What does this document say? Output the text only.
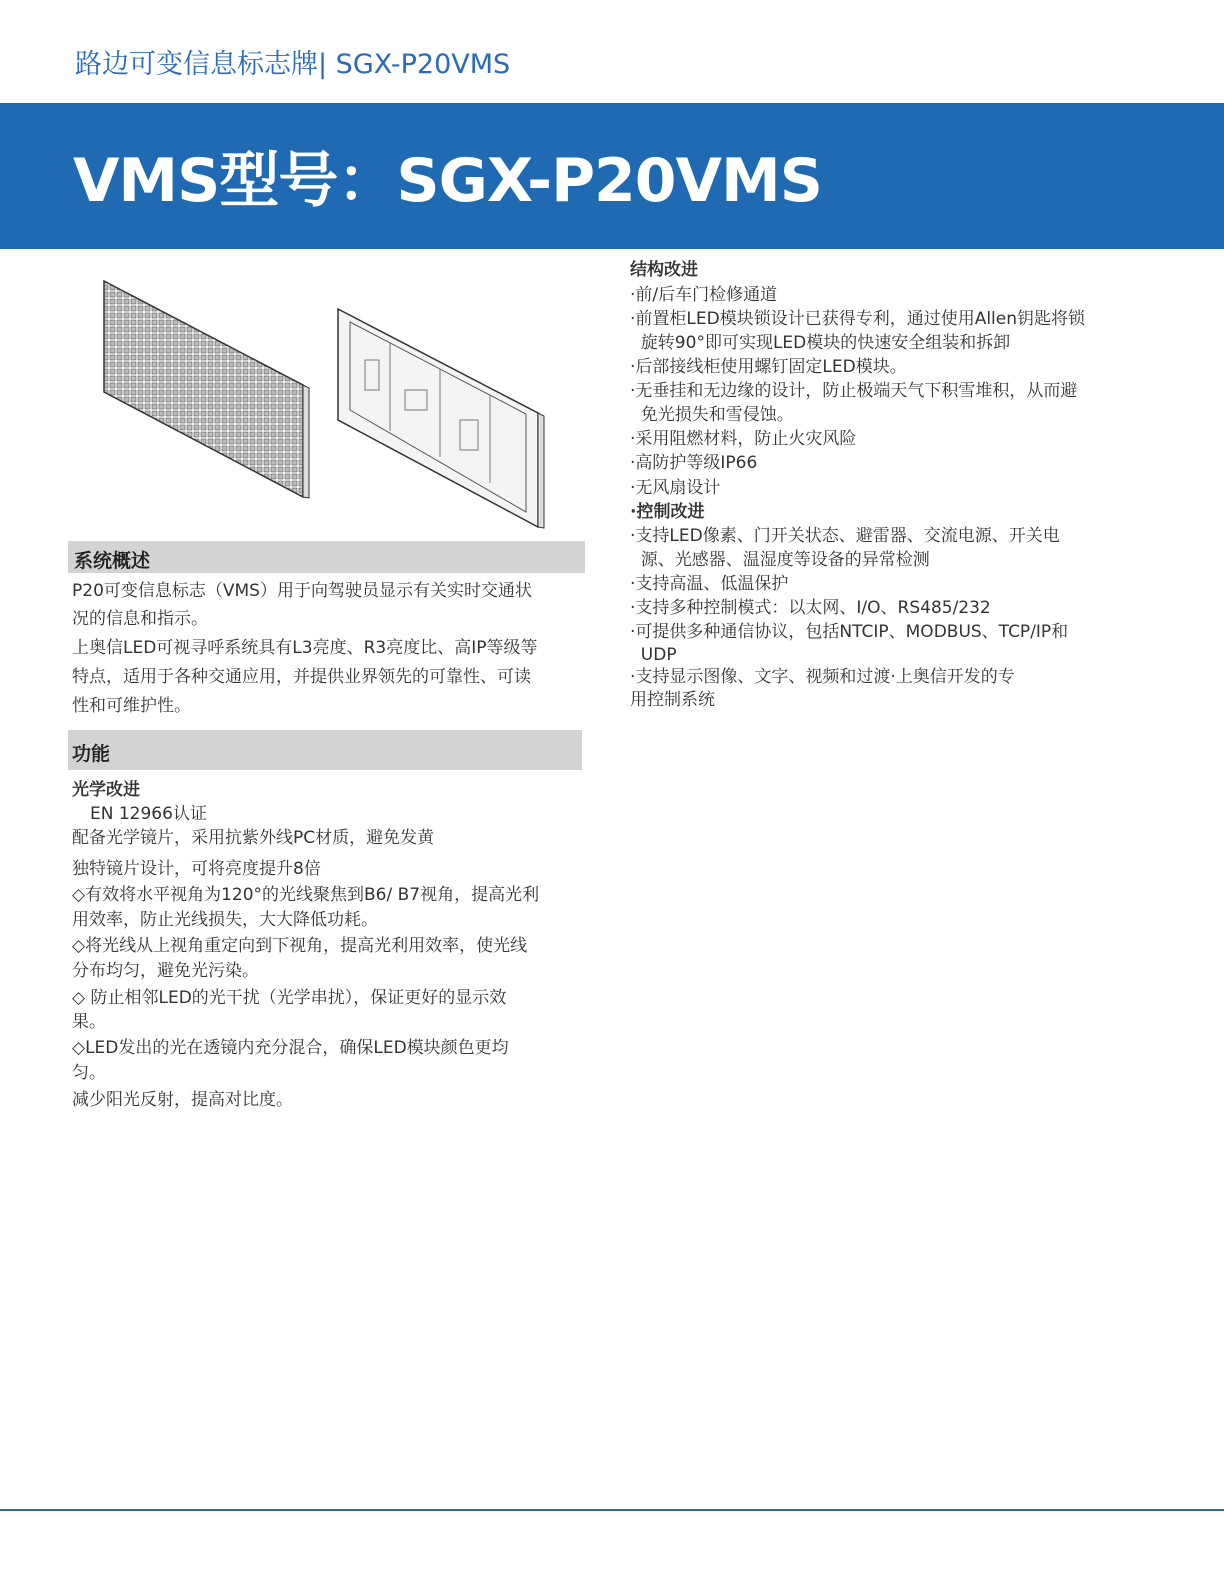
路边可变信息标志牌| SGX-P20VMS
VMS型号：SGX-P20VMS
系统概述
P20可变信息标志（VMS）用于向驾驶员显示有关实时交通状
况的信息和指示。
上奥信LED可视寻呼系统具有L3亮度、R3亮度比、高IP等级等
特点，适用于各种交通应用，并提供业界领先的可靠性、可读
性和可维护性。
功能
光学改进
EN 12966认证
配备光学镜片，采用抗紫外线PC材质，避免发黄
独特镜片设计，可将亮度提升8倍
◇有效将水平视角为120°的光线聚焦到B6/ B7视角，提高光利
用效率，防止光线损失，大大降低功耗。
◇将光线从上视角重定向到下视角，提高光利用效率，使光线
分布均匀，避免光污染。
◇ 防止相邻LED的光干扰（光学串扰），保证更好的显示效
果。
◇LED发出的光在透镜内充分混合，确保LED模块颜色更均
匀。
减少阳光反射，提高对比度。
结构改进
·前/后车门检修通道
·前置柜LED模块锁设计已获得专利，通过使用Allen钥匙将锁
旋转90°即可实现LED模块的快速安全组装和拆卸
·后部接线柜使用螺钉固定LED模块。
·无垂挂和无边缘的设计，防止极端天气下积雪堆积，从而避
免光损失和雪侵蚀。
·采用阻燃材料，防止火灾风险
·高防护等级IP66
·无风扇设计
·控制改进
·支持LED像素、门开关状态、避雷器、交流电源、开关电
源、光感器、温湿度等设备的异常检测
·支持高温、低温保护
·支持多种控制模式：以太网、I/O、RS485/232
·可提供多种通信协议，包括NTCIP、MODBUS、TCP/IP和
UDP
·支持显示图像、文字、视频和过渡·上奥信开发的专
用控制系统
